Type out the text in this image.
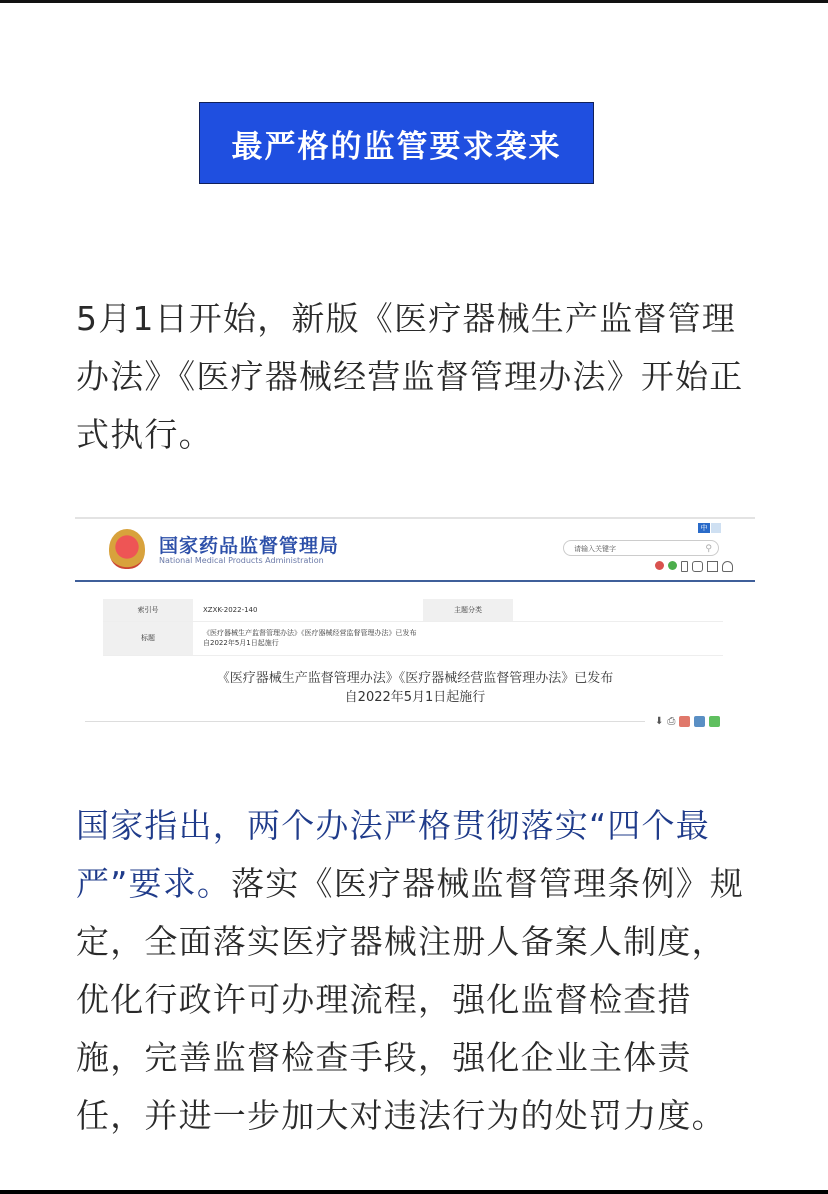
最严格的监管要求袭来
5月1日开始，新版《医疗器械生产监督管理办法》《医疗器械经营监督管理办法》开始正式执行。
国家药品监督管理局
National Medical Products Administration
中
请输入关键字	⚲
索引号	XZXK-2022-140	主题分类	
标题	《医疗器械生产监督管理办法》《医疗器械经营监督管理办法》已发布
自2022年5月1日起施行		
《医疗器械生产监督管理办法》《医疗器械经营监督管理办法》已发布
自2022年5月1日起施行
⬇ ⎙
国家指出，两个办法严格贯彻落实“四个最严”要求。落实《医疗器械监督管理条例》规定，全面落实医疗器械注册人备案人制度，优化行政许可办理流程，强化监督检查措施，完善监督检查手段，强化企业主体责任，并进一步加大对违法行为的处罚力度。
